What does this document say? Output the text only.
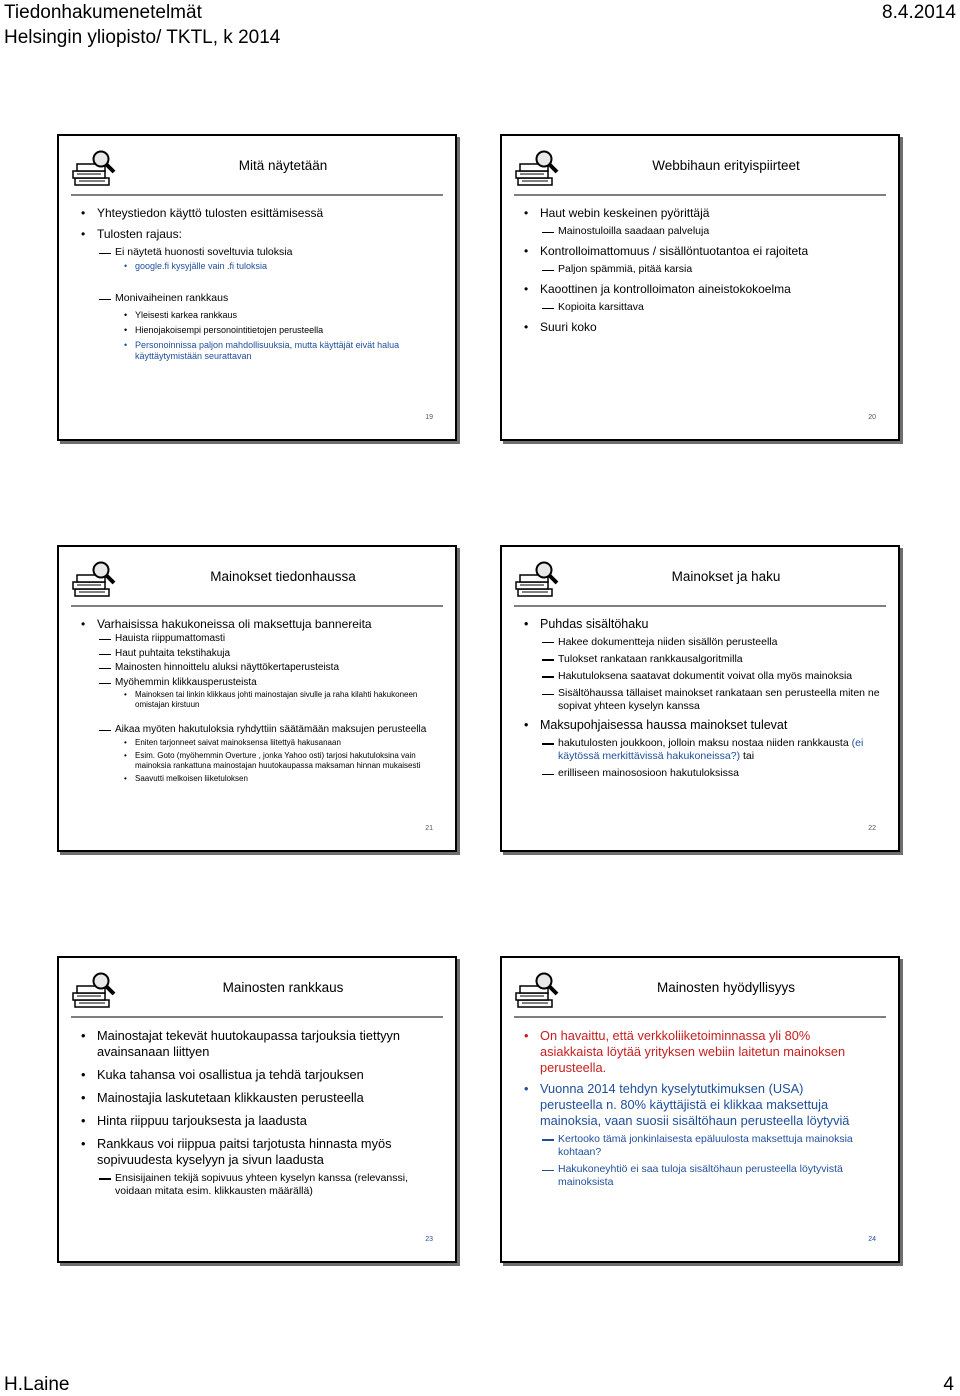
Tiedonhakumenetelmät	8.4.2014
Helsingin yliopisto/ TKTL, k 2014
Mitä näytetään
• Yhteystiedon käyttö tulosten esittämisessä
• Tulosten rajaus:
Ei näytetä huonosti soveltuvia tuloksia
• google.fi kysyjälle vain .fi tuloksia
Monivaiheinen rankkaus
• Yleisesti karkea rankkaus
• Hienojakoisempi personointitietojen perusteella
• Personoinnissa paljon mahdollisuuksia, mutta käyttäjät eivät halua käyttäytymistään seurattavan
19
Webbihaun erityispiirteet
• Haut webin keskeinen pyörittäjä
Mainostuloilla saadaan palveluja
• Kontrolloimattomuus / sisällöntuotantoa ei rajoiteta
Paljon spämmiä, pitää karsia
• Kaoottinen ja kontrolloimaton aineistokokoelma
Kopioita karsittava
• Suuri koko
20
Mainokset tiedonhaussa
• Varhaisissa hakukoneissa oli maksettuja bannereita
Hauista riippumattomasti
Haut puhtaita tekstihakuja
Mainosten hinnoittelu aluksi näyttökertaperusteista
Myöhemmin klikkausperusteista
• Mainoksen tai linkin klikkaus johti mainostajan sivulle ja raha kilahti hakukoneen omistajan kirstuun
Aikaa myöten hakutuloksia ryhdyttiin säätämään maksujen perusteella
• Eniten tarjonneet saivat mainoksensa liitettyä hakusanaan
• Esim. Goto (myöhemmin Overture , jonka Yahoo osti) tarjosi hakutuloksina vain mainoksia rankattuna mainostajan huutokaupassa maksaman hinnan mukaisesti
• Saavutti melkoisen liiketuloksen
21
Mainokset ja haku
• Puhdas sisältöhaku
Hakee dokumentteja niiden sisällön perusteella
Tulokset rankataan rankkausalgoritmilla
Hakutuloksena saatavat dokumentit voivat olla myös mainoksia
Sisältöhaussa tällaiset mainokset rankataan sen perusteella miten ne sopivat yhteen kyselyn kanssa
• Maksupohjaisessa haussa mainokset tulevat
hakutulosten joukkoon, jolloin maksu nostaa niiden rankkausta (ei käytössä merkittävissä hakukoneissa?) tai
erilliseen mainososioon hakutuloksissa
22
Mainosten rankkaus
• Mainostajat tekevät huutokaupassa tarjouksia tiettyyn avainsanaan liittyen
• Kuka tahansa voi osallistua ja tehdä tarjouksen
• Mainostajia laskutetaan klikkausten perusteella
• Hinta riippuu tarjouksesta ja laadusta
• Rankkaus voi riippua paitsi tarjotusta hinnasta myös sopivuudesta kyselyyn ja sivun laadusta
Ensisijainen tekijä sopivuus yhteen kyselyn kanssa (relevanssi, voidaan mitata esim. klikkausten määrällä)
23
Mainosten hyödyllisyys
• On havaittu, että verkkoliiketoiminnassa yli 80% asiakkaista löytää yrityksen webiin laitetun mainoksen perusteella.
• Vuonna 2014 tehdyn kyselytutkimuksen (USA) perusteella n. 80% käyttäjistä ei klikkaa maksettuja mainoksia, vaan suosii sisältöhaun perusteella löytyviä
Kertooko tämä jonkinlaisesta epäluulosta maksettuja mainoksia kohtaan?
Hakukoneyhtiö ei saa tuloja sisältöhaun perusteella löytyvistä mainoksista
24
H.Laine	4
